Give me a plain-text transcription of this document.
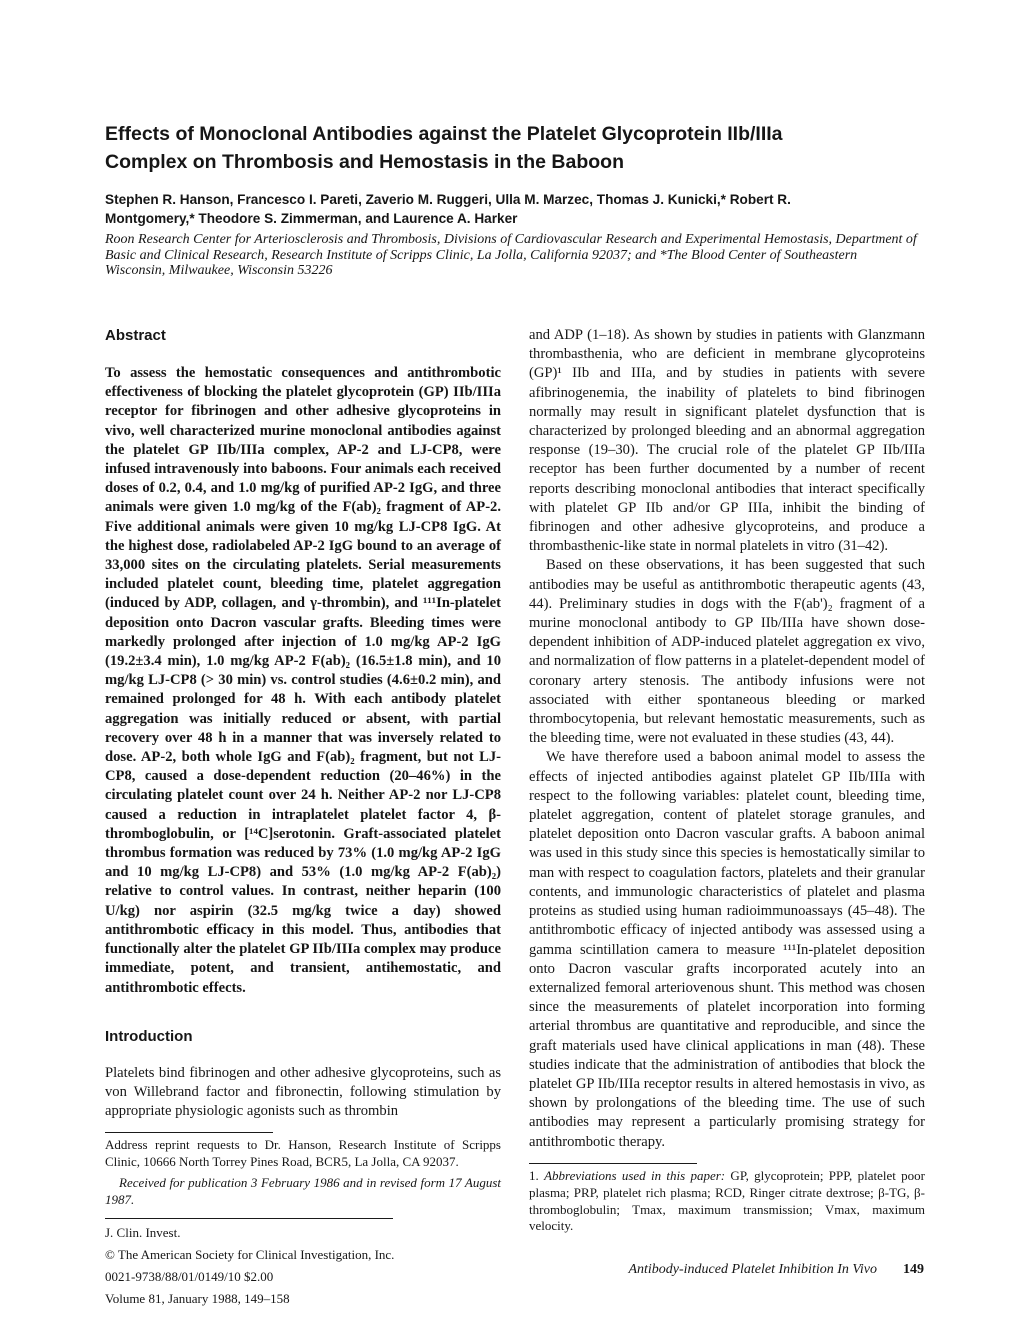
Effects of Monoclonal Antibodies against the Platelet Glycoprotein IIb/IIIa Complex on Thrombosis and Hemostasis in the Baboon

Stephen R. Hanson, Francesco I. Pareti, Zaverio M. Ruggeri, Ulla M. Marzec, Thomas J. Kunicki,* Robert R. Montgomery,* Theodore S. Zimmerman, and Laurence A. Harker

Roon Research Center for Arteriosclerosis and Thrombosis, Divisions of Cardiovascular Research and Experimental Hemostasis, Department of Basic and Clinical Research, Research Institute of Scripps Clinic, La Jolla, California 92037; and *The Blood Center of Southeastern Wisconsin, Milwaukee, Wisconsin 53226

Abstract

To assess the hemostatic consequences and antithrombotic effectiveness of blocking the platelet glycoprotein (GP) IIb/IIIa receptor for fibrinogen and other adhesive glycoproteins in vivo, well characterized murine monoclonal antibodies against the platelet GP IIb/IIIa complex, AP-2 and LJ-CP8, were infused intravenously into baboons. Four animals each received doses of 0.2, 0.4, and 1.0 mg/kg of purified AP-2 IgG, and three animals were given 1.0 mg/kg of the F(ab)₂ fragment of AP-2. Five additional animals were given 10 mg/kg LJ-CP8 IgG. At the highest dose, radiolabeled AP-2 IgG bound to an average of 33,000 sites on the circulating platelets. Serial measurements included platelet count, bleeding time, platelet aggregation (induced by ADP, collagen, and γ-thrombin), and ¹¹¹In-platelet deposition onto Dacron vascular grafts. Bleeding times were markedly prolonged after injection of 1.0 mg/kg AP-2 IgG (19.2±3.4 min), 1.0 mg/kg AP-2 F(ab)₂ (16.5±1.8 min), and 10 mg/kg LJ-CP8 (> 30 min) vs. control studies (4.6±0.2 min), and remained prolonged for 48 h. With each antibody platelet aggregation was initially reduced or absent, with partial recovery over 48 h in a manner that was inversely related to dose. AP-2, both whole IgG and F(ab)₂ fragment, but not LJ-CP8, caused a dose-dependent reduction (20–46%) in the circulating platelet count over 24 h. Neither AP-2 nor LJ-CP8 caused a reduction in intraplatelet platelet factor 4, β-thromboglobulin, or [¹⁴C]serotonin. Graft-associated platelet thrombus formation was reduced by 73% (1.0 mg/kg AP-2 IgG and 10 mg/kg LJ-CP8) and 53% (1.0 mg/kg AP-2 F(ab)₂) relative to control values. In contrast, neither heparin (100 U/kg) nor aspirin (32.5 mg/kg twice a day) showed antithrombotic efficacy in this model. Thus, antibodies that functionally alter the platelet GP IIb/IIIa complex may produce immediate, potent, and transient, antihemostatic, and antithrombotic effects.

Introduction

Platelets bind fibrinogen and other adhesive glycoproteins, such as von Willebrand factor and fibronectin, following stimulation by appropriate physiologic agonists such as thrombin

Address reprint requests to Dr. Hanson, Research Institute of Scripps Clinic, 10666 North Torrey Pines Road, BCR5, La Jolla, CA 92037.

Received for publication 3 February 1986 and in revised form 17 August 1987.

J. Clin. Invest.

© The American Society for Clinical Investigation, Inc.

0021-9738/88/01/0149/10 $2.00

Volume 81, January 1988, 149–158

and ADP (1–18). As shown by studies in patients with Glanzmann thrombasthenia, who are deficient in membrane glycoproteins (GP)¹ IIb and IIIa, and by studies in patients with severe afibrinogenemia, the inability of platelets to bind fibrinogen normally may result in significant platelet dysfunction that is characterized by prolonged bleeding and an abnormal aggregation response (19–30). The crucial role of the platelet GP IIb/IIIa receptor has been further documented by a number of recent reports describing monoclonal antibodies that interact specifically with platelet GP IIb and/or GP IIIa, inhibit the binding of fibrinogen and other adhesive glycoproteins, and produce a thrombasthenic-like state in normal platelets in vitro (31–42).

Based on these observations, it has been suggested that such antibodies may be useful as antithrombotic therapeutic agents (43, 44). Preliminary studies in dogs with the F(ab')₂ fragment of a murine monoclonal antibody to GP IIb/IIIa have shown dose-dependent inhibition of ADP-induced platelet aggregation ex vivo, and normalization of flow patterns in a platelet-dependent model of coronary artery stenosis. The antibody infusions were not associated with either spontaneous bleeding or marked thrombocytopenia, but relevant hemostatic measurements, such as the bleeding time, were not evaluated in these studies (43, 44).

We have therefore used a baboon animal model to assess the effects of injected antibodies against platelet GP IIb/IIIa with respect to the following variables: platelet count, bleeding time, platelet aggregation, content of platelet storage granules, and platelet deposition onto Dacron vascular grafts. A baboon animal was used in this study since this species is hemostatically similar to man with respect to coagulation factors, platelets and their granular contents, and immunologic characteristics of platelet and plasma proteins as studied using human radioimmunoassays (45–48). The antithrombotic efficacy of injected antibody was assessed using a gamma scintillation camera to measure ¹¹¹In-platelet deposition onto Dacron vascular grafts incorporated acutely into an externalized femoral arteriovenous shunt. This method was chosen since the measurements of platelet incorporation into forming arterial thrombus are quantitative and reproducible, and since the graft materials used have clinical applications in man (48). These studies indicate that the administration of antibodies that block the platelet GP IIb/IIIa receptor results in altered hemostasis in vivo, as shown by prolongations of the bleeding time. The use of such antibodies may represent a particularly promising strategy for antithrombotic therapy.

1. Abbreviations used in this paper: GP, glycoprotein; PPP, platelet poor plasma; PRP, platelet rich plasma; RCD, Ringer citrate dextrose; β-TG, β-thromboglobulin; Tmax, maximum transmission; Vmax, maximum velocity.

Antibody-induced Platelet Inhibition In Vivo 149
